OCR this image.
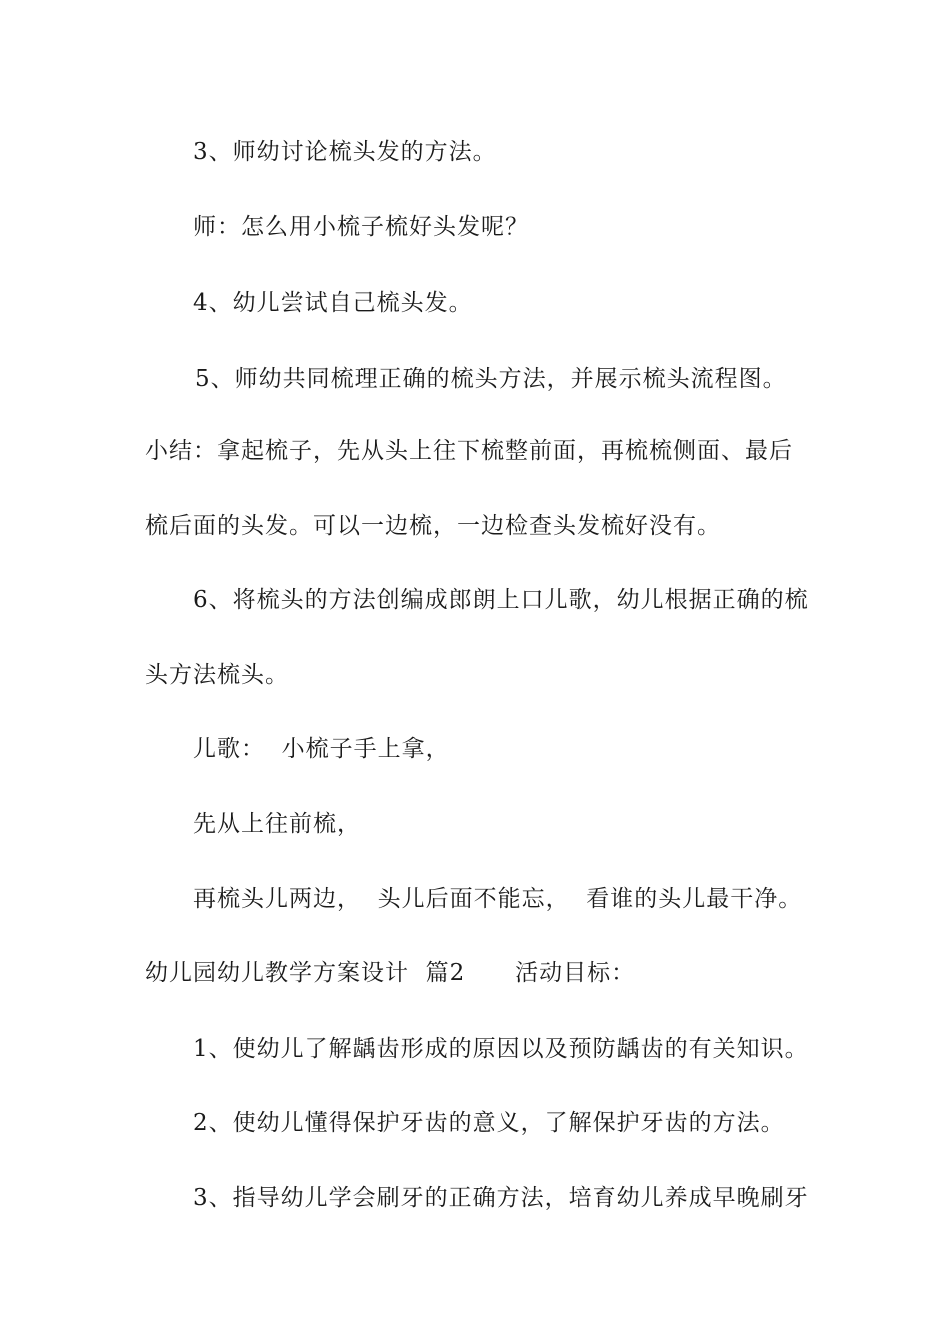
3、师幼讨论梳头发的方法。
师：怎么用小梳子梳好头发呢？
4、幼儿尝试自己梳头发。
5、师幼共同梳理正确的梳头方法，并展示梳头流程图。
小结：拿起梳子，先从头上往下梳整前面，再梳梳侧面、最后
梳后面的头发。可以一边梳，一边检查头发梳好没有。
6、将梳头的方法创编成郎朗上口儿歌，幼儿根据正确的梳
头方法梳头。
儿歌：  小梳子手上拿，
先从上往前梳，
再梳头儿两边，  头儿后面不能忘，  看谁的头儿最干净。
幼儿园幼儿教学方案设计  篇2      活动目标：
1、使幼儿了解龋齿形成的原因以及预防龋齿的有关知识。
2、使幼儿懂得保护牙齿的意义，了解保护牙齿的方法。
3、指导幼儿学会刷牙的正确方法，培育幼儿养成早晚刷牙
